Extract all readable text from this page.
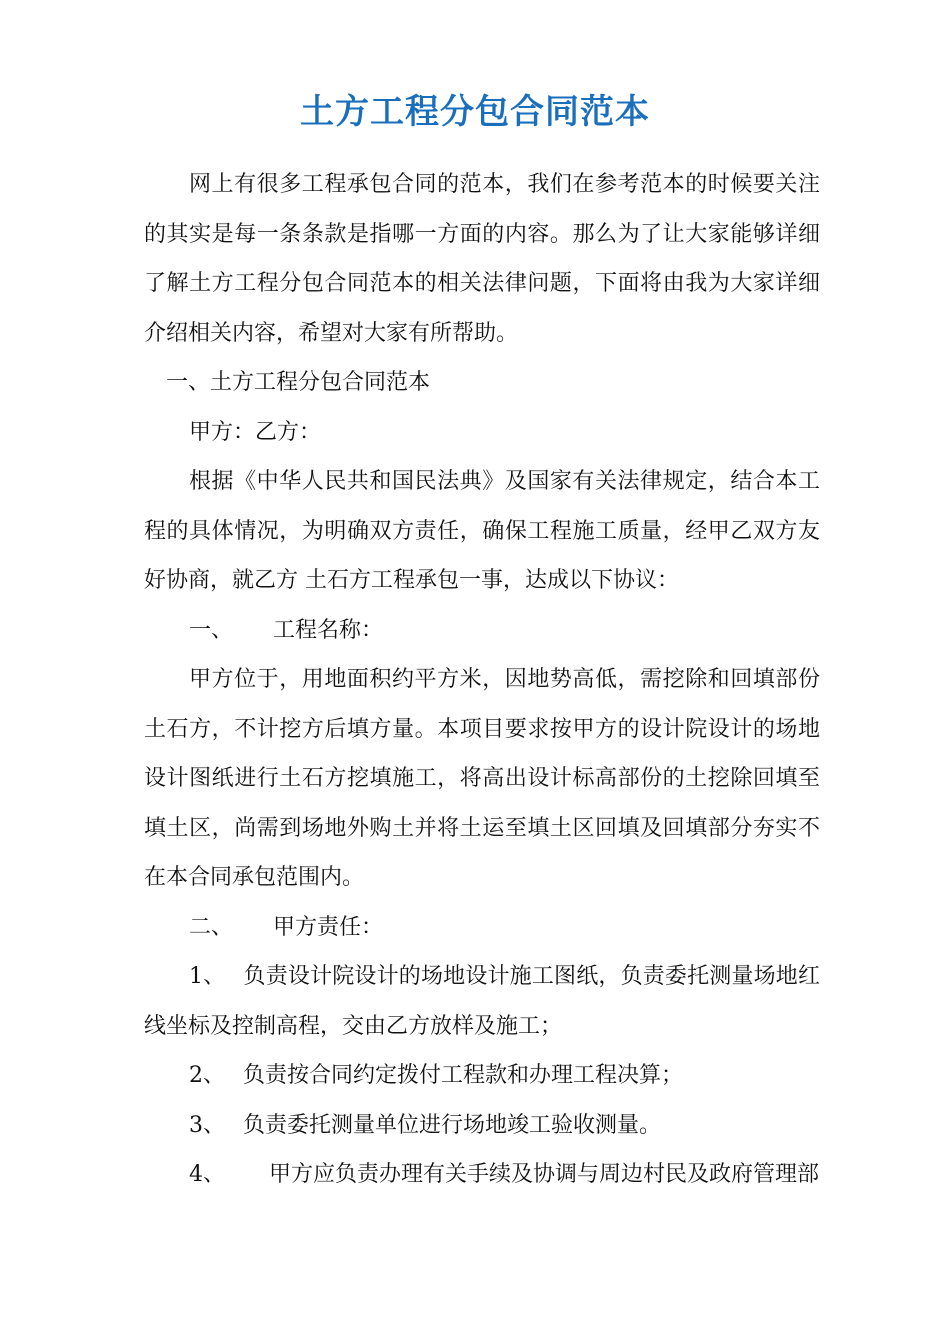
土方工程分包合同范本

网上有很多工程承包合同的范本，我们在参考范本的时候要关注的其实是每一条条款是指哪一方面的内容。那么为了让大家能够详细了解土方工程分包合同范本的相关法律问题，下面将由我为大家详细介绍相关内容，希望对大家有所帮助。

一、土方工程分包合同范本

甲方：乙方：

根据《中华人民共和国民法典》及国家有关法律规定，结合本工程的具体情况，为明确双方责任，确保工程施工质量，经甲乙双方友好协商，就乙方 土石方工程承包一事，达成以下协议：

一、 工程名称：

甲方位于，用地面积约平方米，因地势高低，需挖除和回填部份土石方，不计挖方后填方量。本项目要求按甲方的设计院设计的场地设计图纸进行土石方挖填施工，将高出设计标高部份的土挖除回填至填土区，尚需到场地外购土并将土运至填土区回填及回填部分夯实不在本合同承包范围内。

二、 甲方责任：

1、 负责设计院设计的场地设计施工图纸，负责委托测量场地红线坐标及控制高程，交由乙方放样及施工；

2、 负责按合同约定拨付工程款和办理工程决算；

3、 负责委托测量单位进行场地竣工验收测量。

4、 甲方应负责办理有关手续及协调与周边村民及政府管理部
